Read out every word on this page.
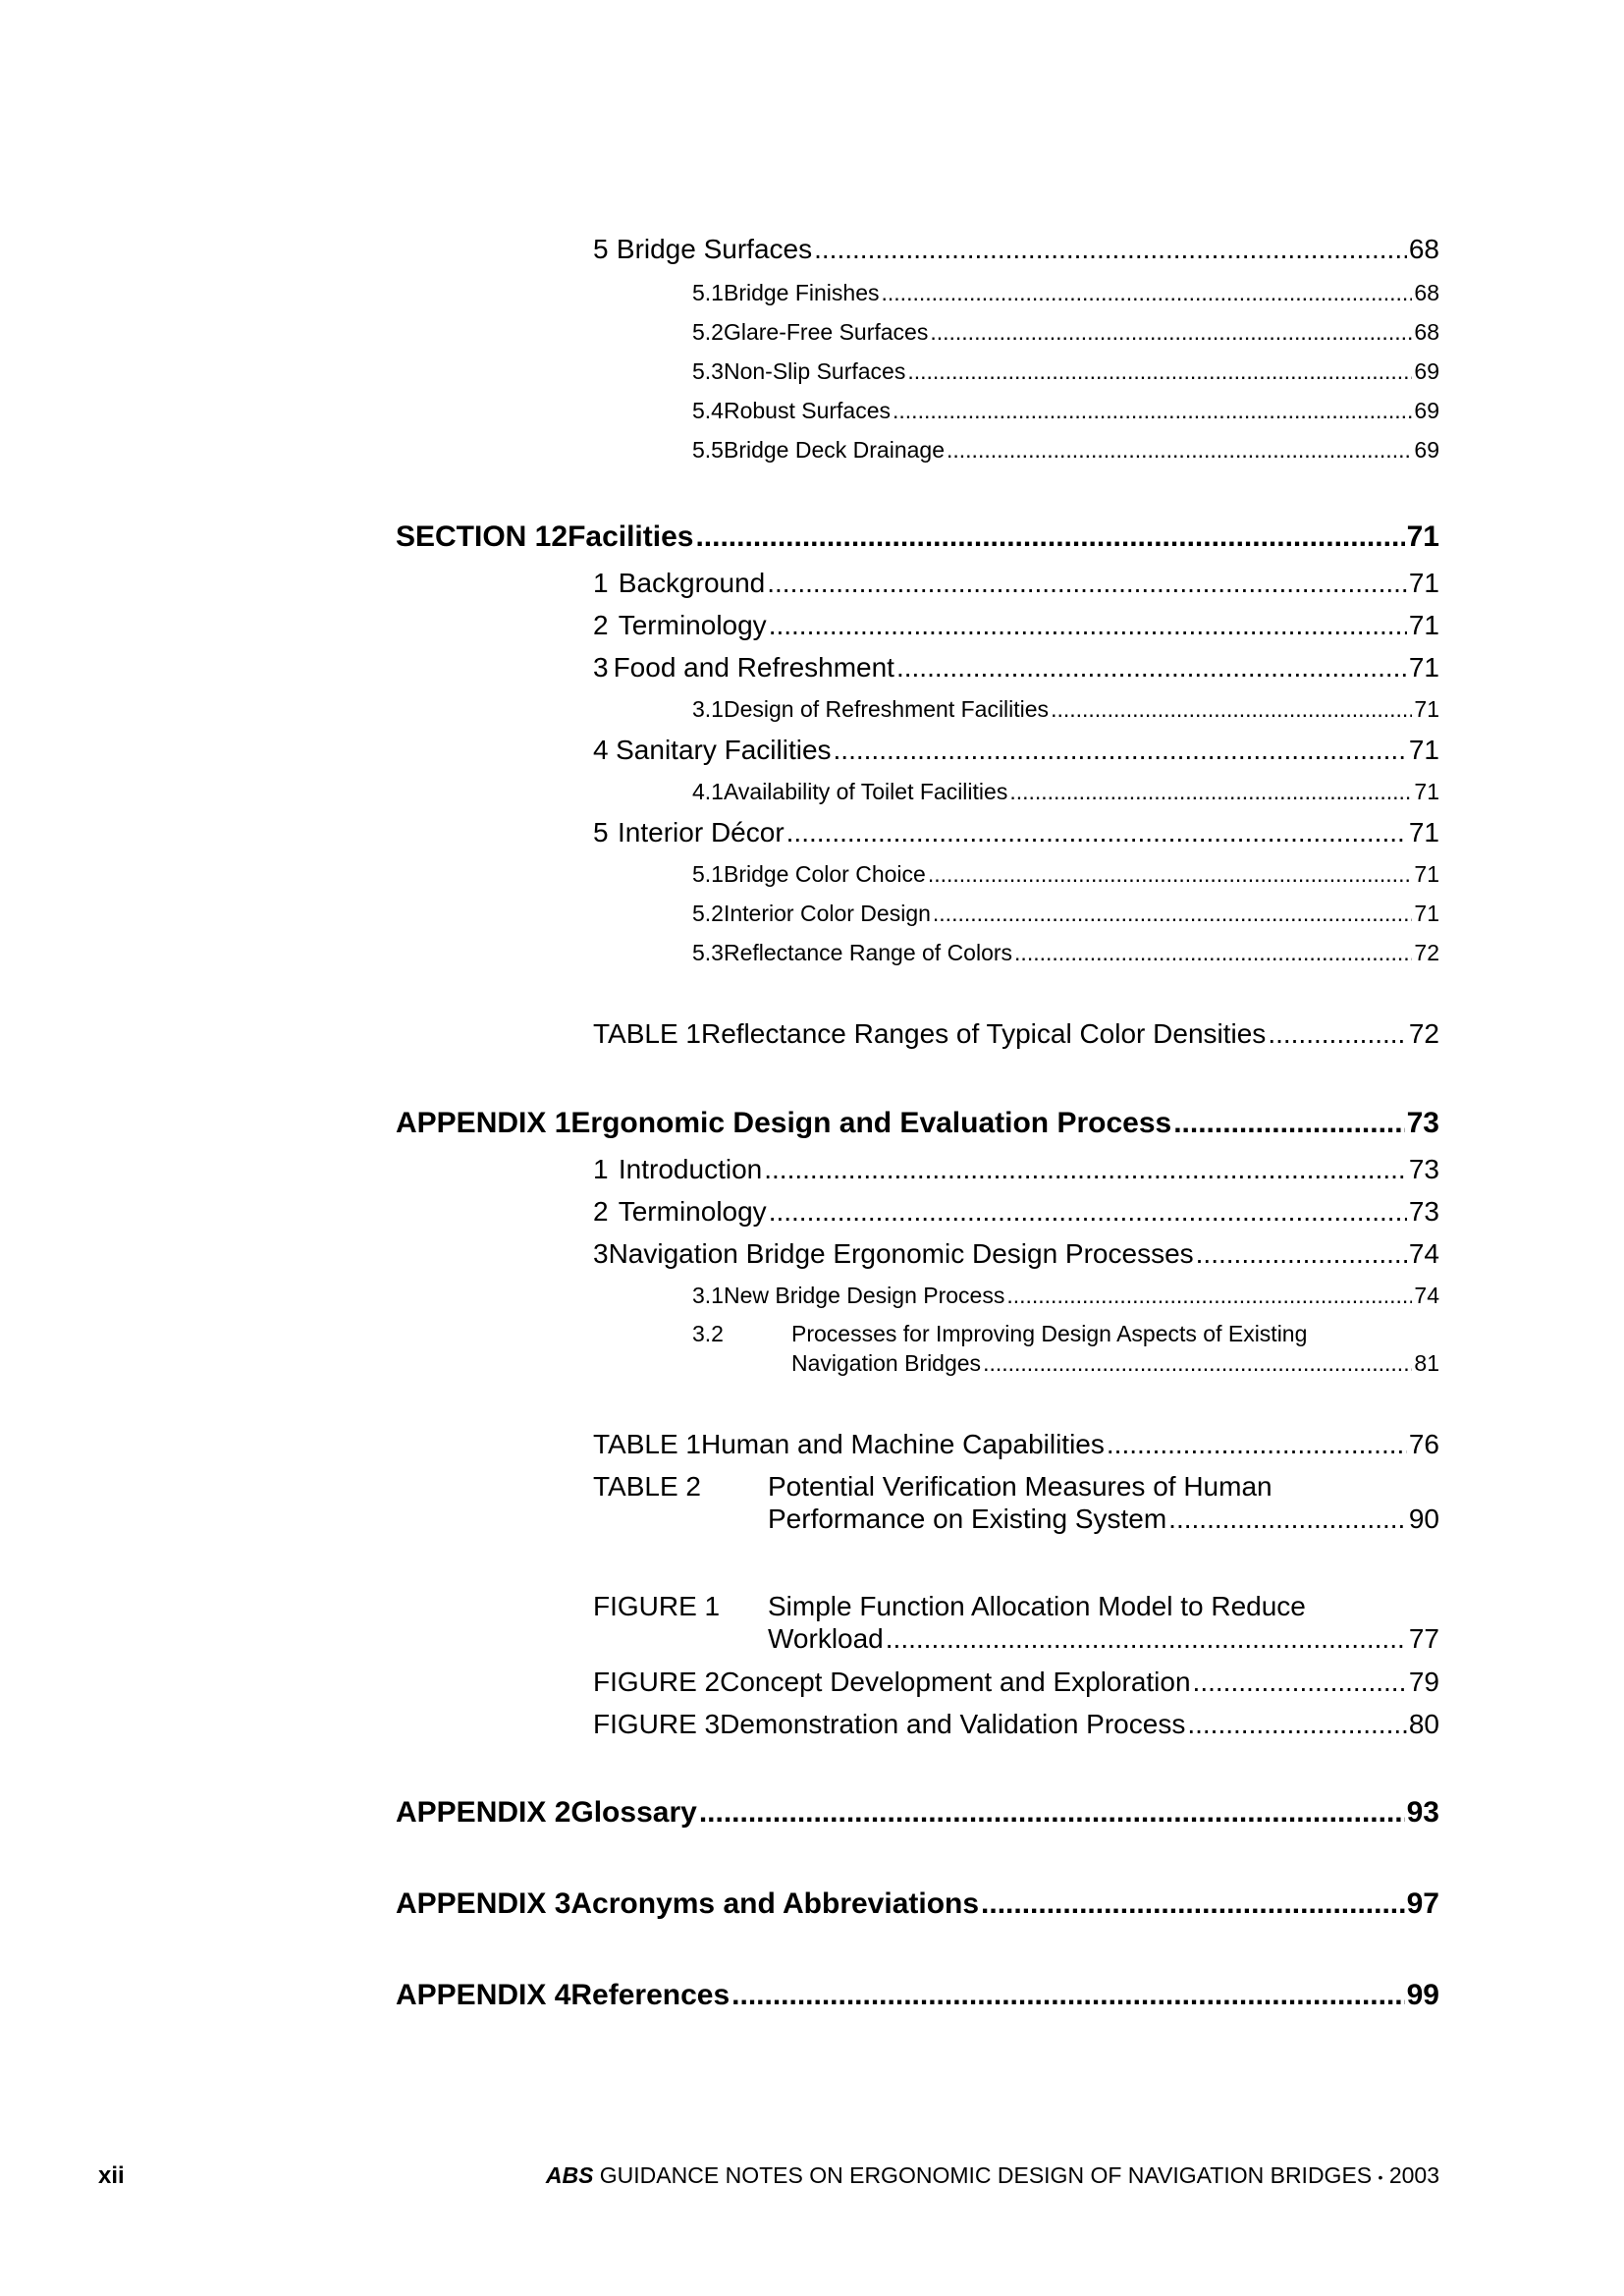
5 Bridge Surfaces .....	68
5.1 Bridge Finishes .....	68
5.2 Glare-Free Surfaces .....	68
5.3 Non-Slip Surfaces .....	69
5.4 Robust Surfaces .....	69
5.5 Bridge Deck Drainage .....	69
SECTION 12 Facilities .....	71
1 Background .....	71
2 Terminology .....	71
3 Food and Refreshment .....	71
3.1 Design of Refreshment Facilities .....	71
4 Sanitary Facilities .....	71
4.1 Availability of Toilet Facilities .....	71
5 Interior Décor .....	71
5.1 Bridge Color Choice .....	71
5.2 Interior Color Design .....	71
5.3 Reflectance Range of Colors .....	72
TABLE 1 Reflectance Ranges of Typical Color Densities .....	72
APPENDIX 1 Ergonomic Design and Evaluation Process .....	73
1 Introduction .....	73
2 Terminology .....	73
3 Navigation Bridge Ergonomic Design Processes .....	74
3.1 New Bridge Design Process .....	74
3.2	Processes for Improving Design Aspects of Existing
Navigation Bridges .....	81
TABLE 1 Human and Machine Capabilities .....	76
TABLE 2	Potential Verification Measures of Human
Performance on Existing System .....	90
FIGURE 1	Simple Function Allocation Model to Reduce
Workload .....	77
FIGURE 2 Concept Development and Exploration .....	79
FIGURE 3 Demonstration and Validation Process .....	80
APPENDIX 2 Glossary .....	93
APPENDIX 3 Acronyms and Abbreviations .....	97
APPENDIX 4 References .....	99
xii	ABS GUIDANCE NOTES ON ERGONOMIC DESIGN OF NAVIGATION BRIDGES • 2003
